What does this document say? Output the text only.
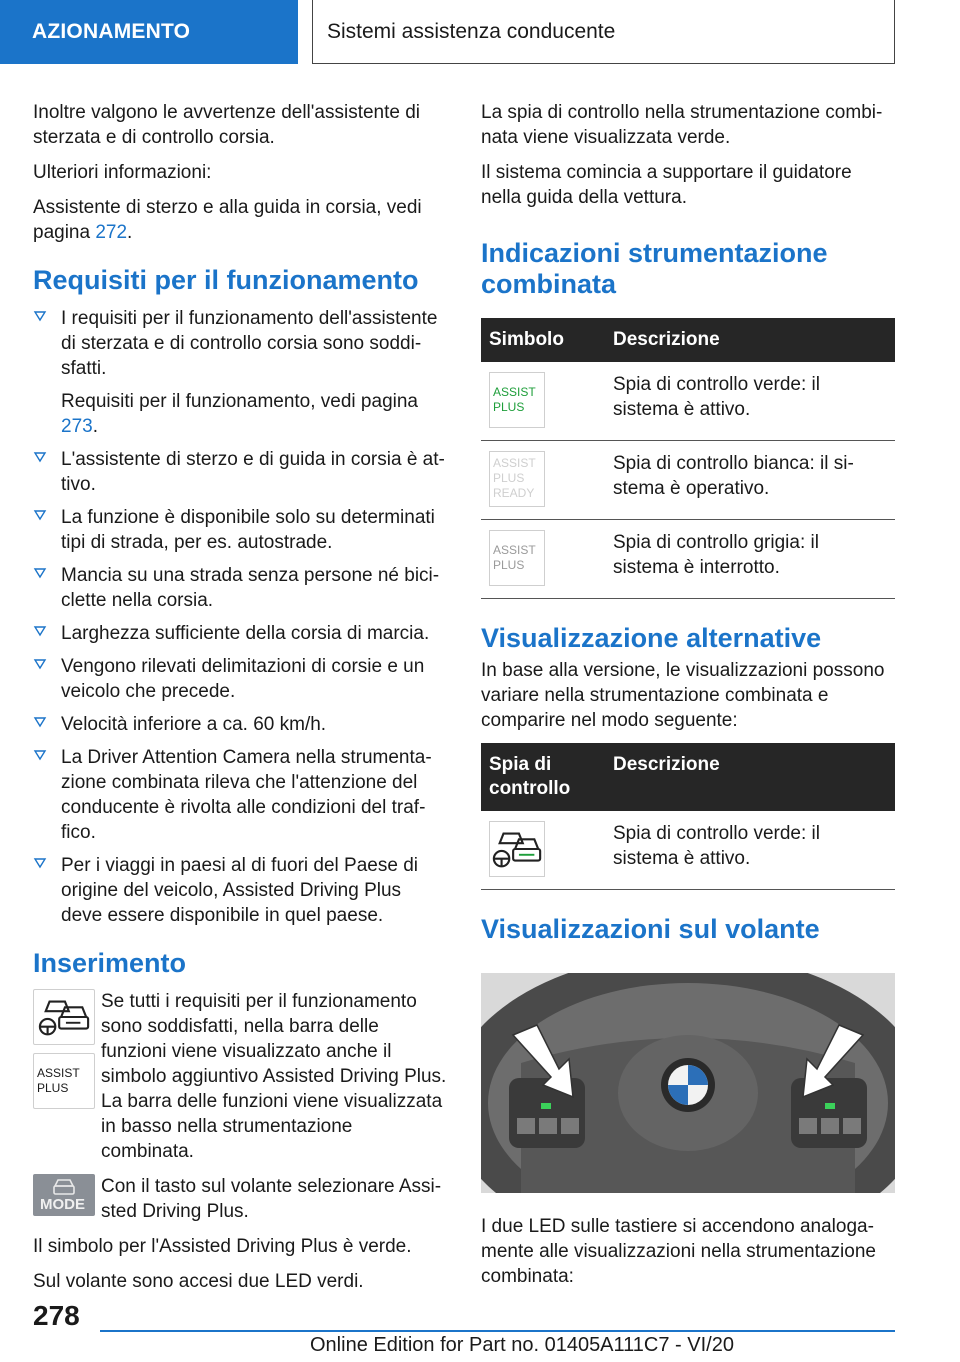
AZIONAMENTO	Sistemi assistenza conducente

Inoltre valgono le avvertenze dell'assistente di sterzata e di controllo corsia.

Ulteriori informazioni:

Assistente di sterzo e alla guida in corsia, vedi pagina 272.

Requisiti per il funzionamento
I requisiti per il funzionamento dell'assistente di sterzata e di controllo corsia sono soddisfatti.
Requisiti per il funzionamento, vedi pagina 273.
L'assistente di sterzo e di guida in corsia è attivo.
La funzione è disponibile solo su determinati tipi di strada, per es. autostrade.
Mancia su una strada senza persone né biciclette nella corsia.
Larghezza sufficiente della corsia di marcia.
Vengono rilevati delimitazioni di corsie e un veicolo che precede.
Velocità inferiore a ca. 60 km/h.
La Driver Attention Camera nella strumentazione combinata rileva che l'attenzione del conducente è rivolta alle condizioni del traffico.
Per i viaggi in paesi al di fuori del Paese di origine del veicolo, Assisted Driving Plus deve essere disponibile in quel paese.
Inserimento
ASSIST
PLUS

Se tutti i requisiti per il funzionamento sono soddisfatti, nella barra delle funzioni viene visualizzato anche il simbolo aggiuntivo Assisted Driving Plus. La barra delle funzioni viene visualizzata in basso nella strumentazione combinata.

MODE

Con il tasto sul volante selezionare Assisted Driving Plus.

Il simbolo per l'Assisted Driving Plus è verde.

Sul volante sono accesi due LED verdi.

La spia di controllo nella strumentazione combinata viene visualizzata verde.

Il sistema comincia a supportare il guidatore nella guida della vettura.

Indicazioni strumentazione combinata
Simbolo	Descrizione

ASSIST
PLUS	Spia di controllo verde: il sistema è attivo.

ASSIST
PLUS
READY	Spia di controllo bianca: il sistema è operativo.

ASSIST
PLUS	Spia di controllo grigia: il sistema è interrotto.
Visualizzazione alternative

In base alla versione, le visualizzazioni possono variare nella strumentazione combinata e comparire nel modo seguente:

Spia di controllo	Descrizione

	Spia di controllo verde: il sistema è attivo.
Visualizzazioni sul volante

I due LED sulle tastiere si accendono analogamente alle visualizzazioni nella strumentazione combinata:

278
Online Edition for Part no. 01405A111C7 - VI/20
